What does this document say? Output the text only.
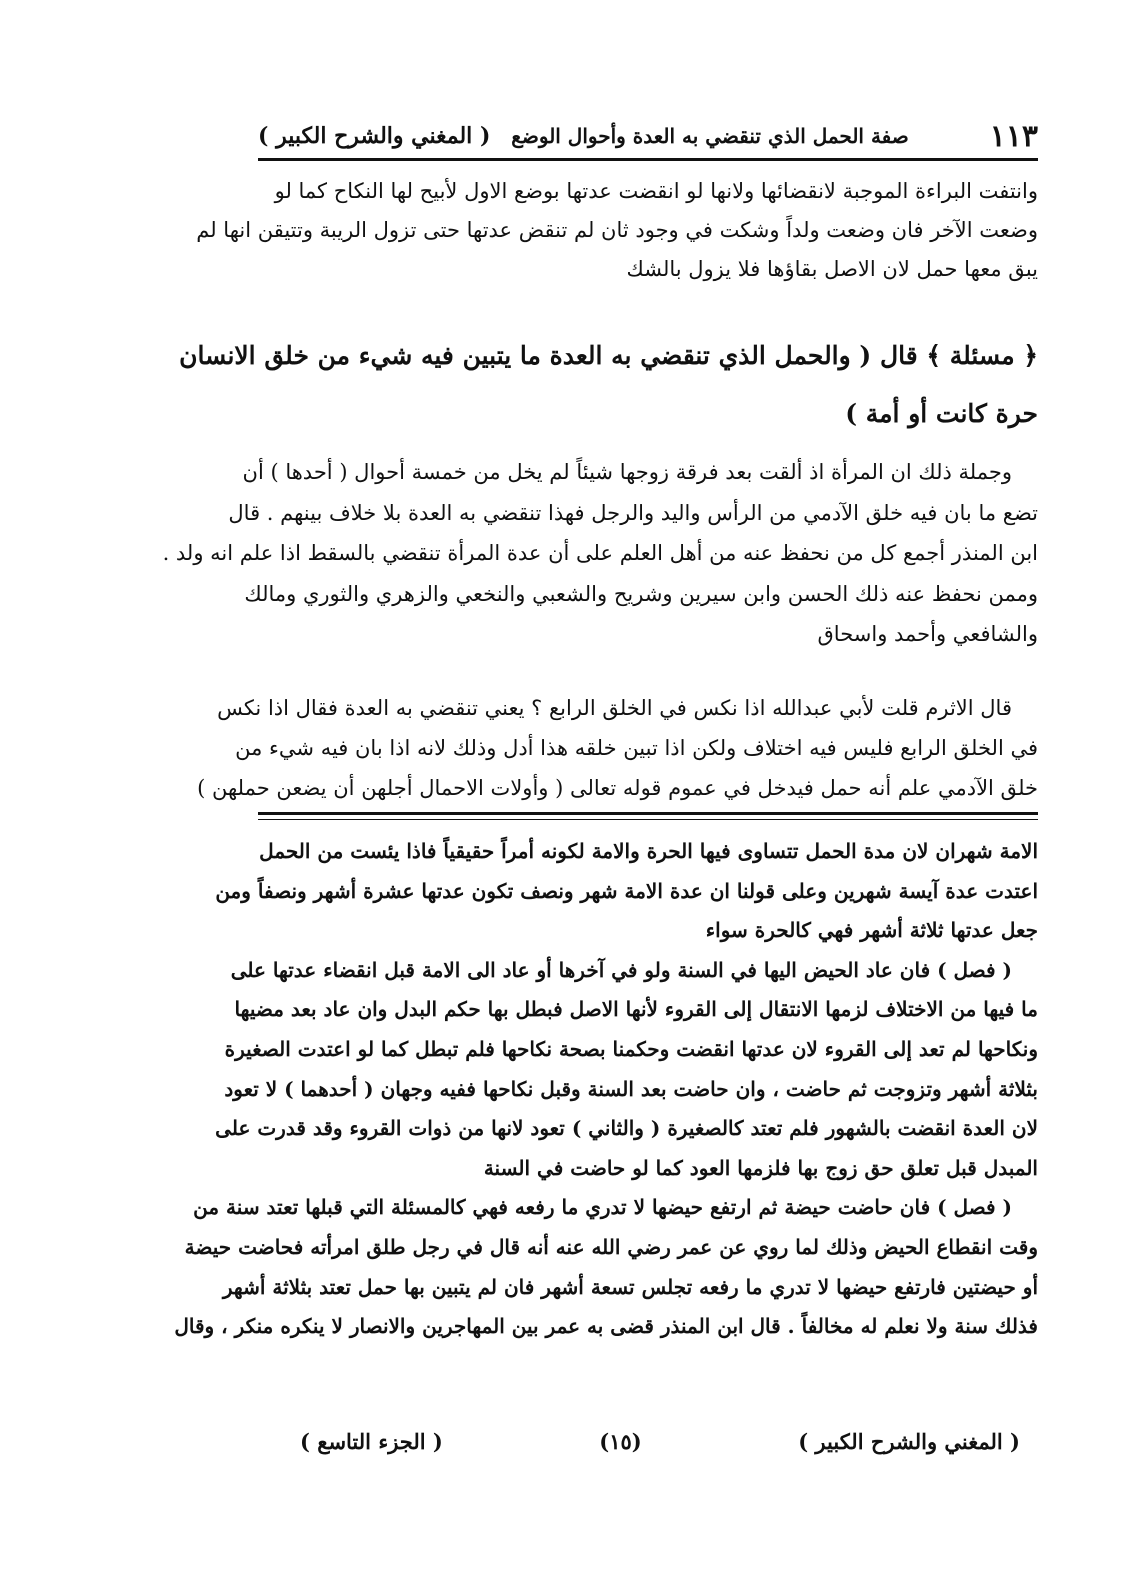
( المغني والشرح الكبير )	صفة الحمل الذي تنقضي به العدة وأحوال الوضع	١١٣

وانتفت البراءة الموجبة لانقضائها ولانها لو انقضت عدتها بوضع الاول لأبيح لها النكاح كما لو

وضعت الآخر فان وضعت ولداً وشكت في وجود ثان لم تنقض عدتها حتى تزول الريبة وتتيقن انها لم

يبق معها حمل لان الاصل بقاؤها فلا يزول بالشك

﴿ مسئلة ﴾ قال ( والحمل الذي تنقضي به العدة ما يتبين فيه شيء من خلق الانسان

حرة كانت أو أمة )

وجملة ذلك ان المرأة اذ ألقت بعد فرقة زوجها شيئاً لم يخل من خمسة أحوال ( أحدها ) أن

تضع ما بان فيه خلق الآدمي من الرأس واليد والرجل فهذا تنقضي به العدة بلا خلاف بينهم . قال

ابن المنذر أجمع كل من نحفظ عنه من أهل العلم على أن عدة المرأة تنقضي بالسقط اذا علم انه ولد .

وممن نحفظ عنه ذلك الحسن وابن سيرين وشريح والشعبي والنخعي والزهري والثوري ومالك

والشافعي وأحمد واسحاق

قال الاثرم قلت لأبي عبدالله اذا نكس في الخلق الرابع ؟ يعني تنقضي به العدة فقال اذا نكس

في الخلق الرابع فليس فيه اختلاف ولكن اذا تبين خلقه هذا أدل وذلك لانه اذا بان فيه شيء من

خلق الآدمي علم أنه حمل فيدخل في عموم قوله تعالى ( وأولات الاحمال أجلهن أن يضعن حملهن )

الامة شهران لان مدة الحمل تتساوى فيها الحرة والامة لكونه أمراً حقيقياً فاذا يئست من الحمل

اعتدت عدة آيسة شهرين وعلى قولنا ان عدة الامة شهر ونصف تكون عدتها عشرة أشهر ونصفاً ومن

جعل عدتها ثلاثة أشهر فهي كالحرة سواء

( فصل ) فان عاد الحيض اليها في السنة ولو في آخرها أو عاد الى الامة قبل انقضاء عدتها على

ما فيها من الاختلاف لزمها الانتقال إلى القروء لأنها الاصل فبطل بها حكم البدل وان عاد بعد مضيها

ونكاحها لم تعد إلى القروء لان عدتها انقضت وحكمنا بصحة نكاحها فلم تبطل كما لو اعتدت الصغيرة

بثلاثة أشهر وتزوجت ثم حاضت ، وان حاضت بعد السنة وقبل نكاحها ففيه وجهان ( أحدهما ) لا تعود

لان العدة انقضت بالشهور فلم تعتد كالصغيرة ( والثاني ) تعود لانها من ذوات القروء وقد قدرت على

المبدل قبل تعلق حق زوج بها فلزمها العود كما لو حاضت في السنة

( فصل ) فان حاضت حيضة ثم ارتفع حيضها لا تدري ما رفعه فهي كالمسئلة التي قبلها تعتد سنة من

وقت انقطاع الحيض وذلك لما روي عن عمر رضي الله عنه أنه قال في رجل طلق امرأته فحاضت حيضة

أو حيضتين فارتفع حيضها لا تدري ما رفعه تجلس تسعة أشهر فان لم يتبين بها حمل تعتد بثلاثة أشهر

فذلك سنة ولا نعلم له مخالفاً . قال ابن المنذر قضى به عمر بين المهاجرين والانصار لا ينكره منكر ، وقال

( المغني والشرح الكبير )
(١٥)
( الجزء التاسع )
